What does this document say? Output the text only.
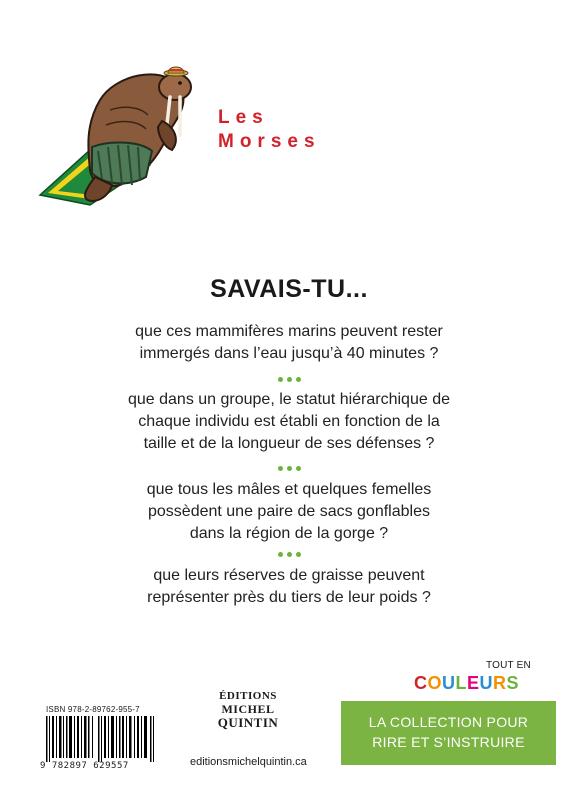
Les
Morses
SAVAIS-TU...
que ces mammifères marins peuvent rester
immergés dans l’eau jusqu’à 40 minutes ?
que dans un groupe, le statut hiérarchique de
chaque individu est établi en fonction de la
taille et de la longueur de ses défenses ?
que tous les mâles et quelques femelles
possèdent une paire de sacs gonflables
dans la région de la gorge ?
que leurs réserves de graisse peuvent
représenter près du tiers de leur poids ?
ISBN 978-2-89762-955-7
9 782897 629557
ÉDITIONS
MICHEL
QUINTIN
editionsmichelquintin.ca
TOUT EN
COULEURS
LA COLLECTION POUR
RIRE ET S’INSTRUIRE
